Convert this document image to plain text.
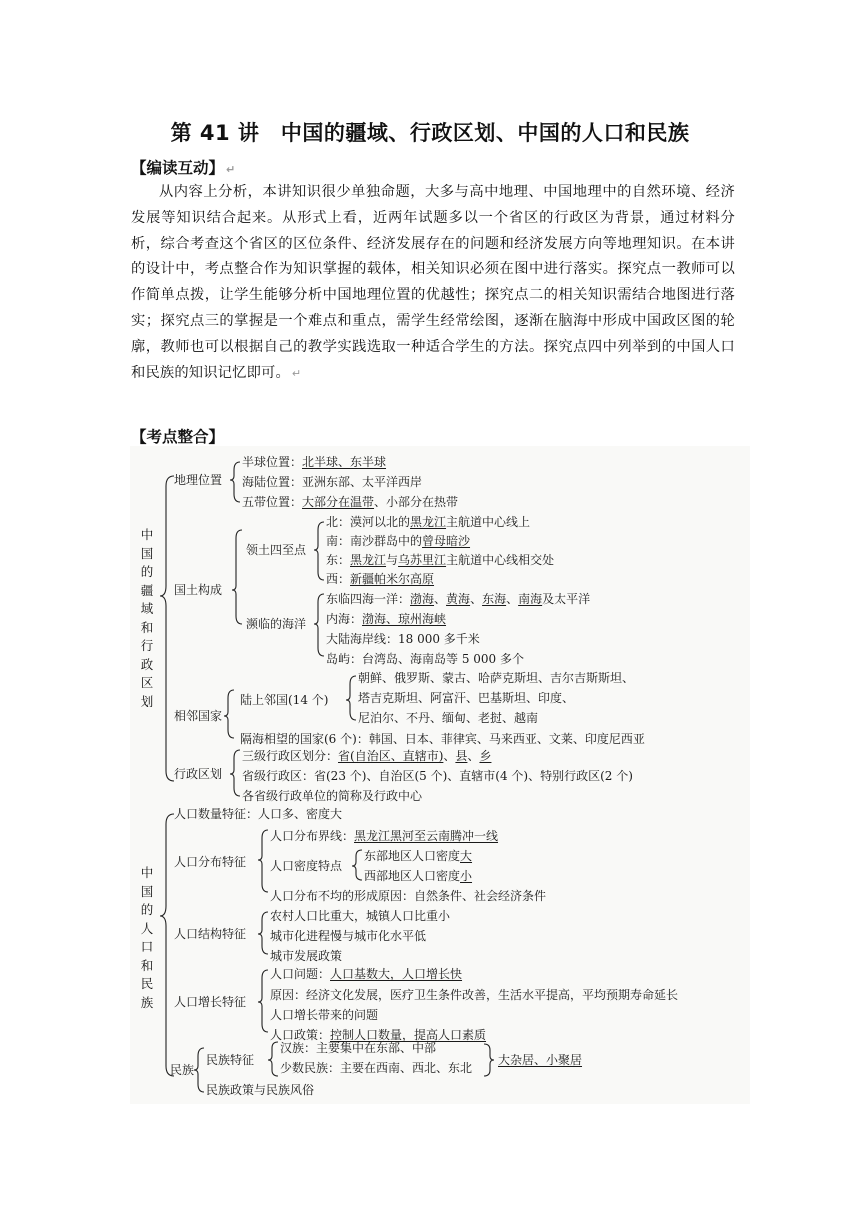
第 41 讲　中国的疆域、行政区划、中国的人口和民族
【编读互动】 ↵
从内容上分析，本讲知识很少单独命题，大多与高中地理、中国地理中的自然环境、经济发展等知识结合起来。从形式上看，近两年试题多以一个省区的行政区为背景，通过材料分析，综合考查这个省区的区位条件、经济发展存在的问题和经济发展方向等地理知识。在本讲的设计中，考点整合作为知识掌握的载体，相关知识必须在图中进行落实。探究点一教师可以作简单点拨，让学生能够分析中国地理位置的优越性；探究点二的相关知识需结合地图进行落实；探究点三的掌握是一个难点和重点，需学生经常绘图，逐渐在脑海中形成中国政区图的轮廓，教师也可以根据自己的教学实践选取一种适合学生的方法。探究点四中列举到的中国人口和民族的知识记忆即可。 ↵
【考点整合】
中国的疆域和行政区划
地理位置
半球位置：北半球、东半球
海陆位置：亚洲东部、太平洋西岸
五带位置：大部分在温带、小部分在热带
国土构成
领土四至点
北：漠河以北的黑龙江主航道中心线上
南：南沙群岛中的曾母暗沙
东：黑龙江与乌苏里江主航道中心线相交处
西：新疆帕米尔高原
濒临的海洋
东临四海一洋：渤海、黄海、东海、南海及太平洋
内海：渤海、琼州海峡
大陆海岸线：18 000 多千米
岛屿：台湾岛、海南岛等 5 000 多个
相邻国家
陆上邻国(14 个)
朝鲜、俄罗斯、蒙古、哈萨克斯坦、吉尔吉斯斯坦、
塔吉克斯坦、阿富汗、巴基斯坦、印度、
尼泊尔、不丹、缅甸、老挝、越南
隔海相望的国家(6 个)：韩国、日本、菲律宾、马来西亚、文莱、印度尼西亚
行政区划
三级行政区划分：省(自治区、直辖市)、县、乡
省级行政区：省(23 个)、自治区(5 个)、直辖市(4 个)、特别行政区(2 个)
各省级行政单位的简称及行政中心
中国的人口和民族
人口数量特征：人口多、密度大
人口分布特征
人口分布界线：黑龙江黑河至云南腾冲一线
人口密度特点
东部地区人口密度大
西部地区人口密度小
人口分布不均的形成原因：自然条件、社会经济条件
人口结构特征
农村人口比重大，城镇人口比重小
城市化进程慢与城市化水平低
城市发展政策
人口增长特征
人口问题：人口基数大，人口增长快
原因：经济文化发展，医疗卫生条件改善，生活水平提高，平均预期寿命延长
人口增长带来的问题
人口政策：控制人口数量，提高人口素质
民族
民族特征
汉族：主要集中在东部、中部
少数民族：主要在西南、西北、东北
大杂居、小聚居
民族政策与民族风俗
